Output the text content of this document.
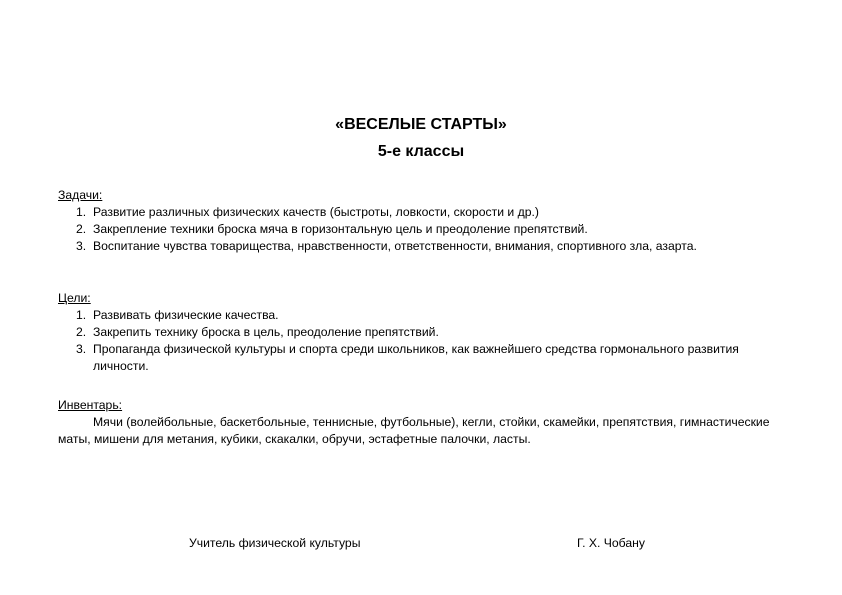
«ВЕСЕЛЫЕ СТАРТЫ»
5-е классы
Задачи:
1. Развитие различных физических качеств (быстроты, ловкости, скорости и др.)
2. Закрепление техники броска мяча в горизонтальную цель и преодоление препятствий.
3. Воспитание чувства товарищества, нравственности, ответственности, внимания, спортивного зла, азарта.
Цели:
1. Развивать физические качества.
2. Закрепить технику броска в цель, преодоление препятствий.
3. Пропаганда физической культуры и спорта среди школьников, как важнейшего средства гормонального развития личности.
Инвентарь:
Мячи (волейбольные, баскетбольные, теннисные, футбольные), кегли, стойки, скамейки, препятствия, гимнастические маты, мишени для метания, кубики, скакалки, обручи, эстафетные палочки, ласты.
Учитель физической культуры	Г. Х. Чобану
